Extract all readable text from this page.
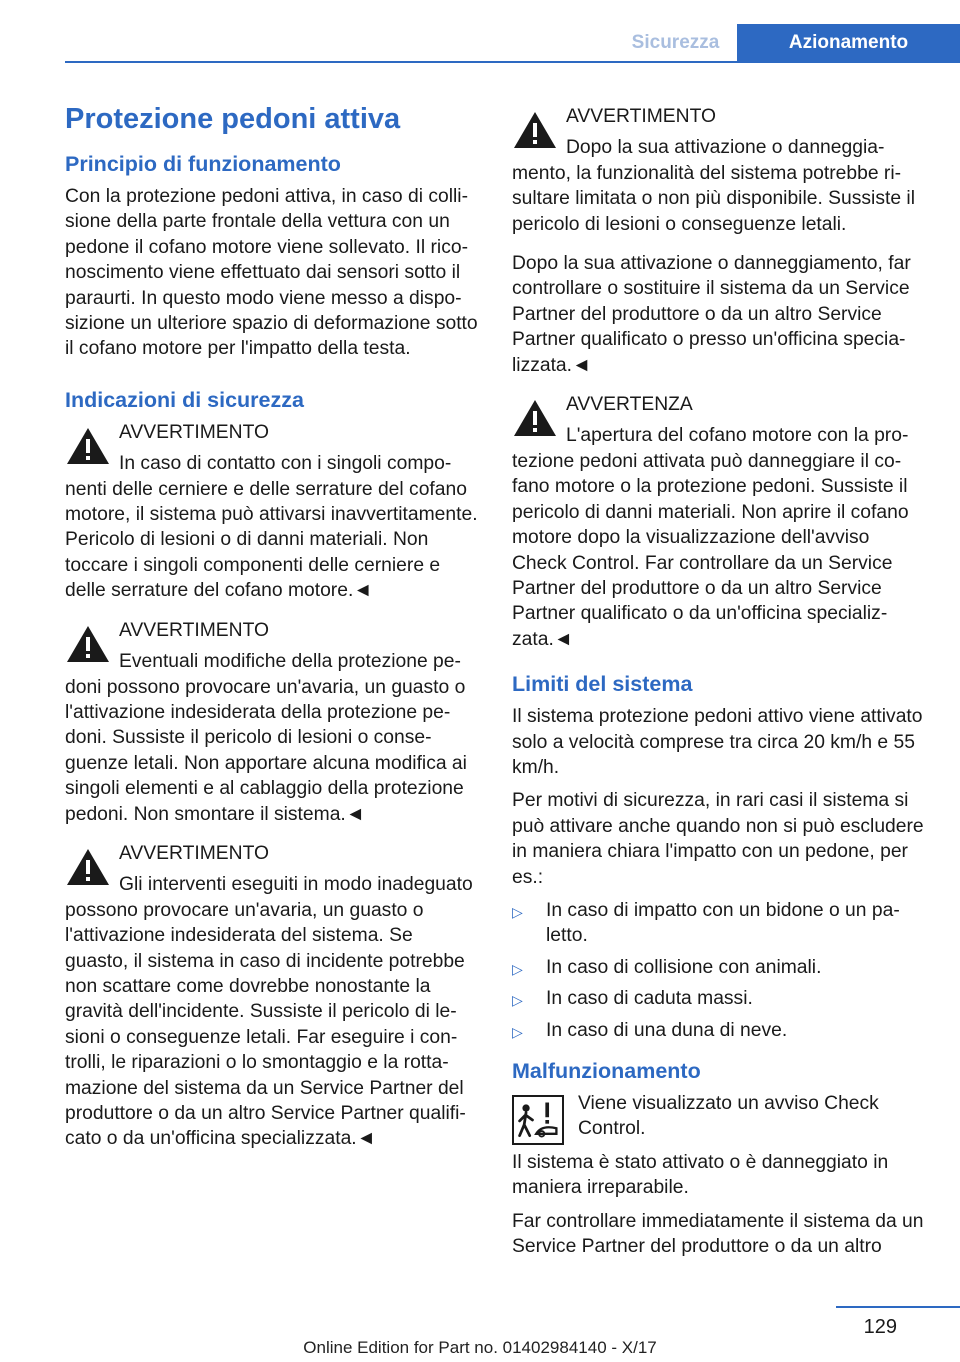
Sicurezza	Azionamento
Protezione pedoni attiva
Principio di funzionamento

Con la protezione pedoni attiva, in caso di collisione della parte frontale della vettura con un pedone il cofano motore viene sollevato. Il riconoscimento viene effettuato dai sensori sotto il paraurti. In questo modo viene messo a disposizione un ulteriore spazio di deformazione sotto il cofano motore per l'impatto della testa.

Indicazioni di sicurezza

AVVERTIMENTO

In caso di contatto con i singoli componenti delle cerniere e delle serrature del cofano motore, il sistema può attivarsi inavvertitamente. Pericolo di lesioni o di danni materiali. Non toccare i singoli componenti delle cerniere e delle serrature del cofano motore.◄

AVVERTIMENTO

Eventuali modifiche della protezione pedoni possono provocare un'avaria, un guasto o l'attivazione indesiderata della protezione pedoni. Sussiste il pericolo di lesioni o conseguenze letali. Non apportare alcuna modifica ai singoli elementi e al cablaggio della protezione pedoni. Non smontare il sistema.◄

AVVERTIMENTO

Gli interventi eseguiti in modo inadeguato possono provocare un'avaria, un guasto o l'attivazione indesiderata del sistema. Se guasto, il sistema in caso di incidente potrebbe non scattare come dovrebbe nonostante la gravità dell'incidente. Sussiste il pericolo di lesioni o conseguenze letali. Far eseguire i controlli, le riparazioni o lo smontaggio e la rottamazione del sistema da un Service Partner del produttore o da un altro Service Partner qualificato o da un'officina specializzata.◄

AVVERTIMENTO

Dopo la sua attivazione o danneggiamento, la funzionalità del sistema potrebbe risultare limitata o non più disponibile. Sussiste il pericolo di lesioni o conseguenze letali.

Dopo la sua attivazione o danneggiamento, far controllare o sostituire il sistema da un Service Partner del produttore o da un altro Service Partner qualificato o presso un'officina specializzata.◄

AVVERTENZA

L'apertura del cofano motore con la protezione pedoni attivata può danneggiare il cofano motore o la protezione pedoni. Sussiste il pericolo di danni materiali. Non aprire il cofano motore dopo la visualizzazione dell'avviso Check Control. Far controllare da un Service Partner del produttore o da un altro Service Partner qualificato o da un'officina specializzata.◄

Limiti del sistema

Il sistema protezione pedoni attivo viene attivato solo a velocità comprese tra circa 20 km/h e 55 km/h.

Per motivi di sicurezza, in rari casi il sistema si può attivare anche quando non si può escludere in maniera chiara l'impatto con un pedone, per es.:

▷ In caso di impatto con un bidone o un paletto.
▷ In caso di collisione con animali.
▷ In caso di caduta massi.
▷ In caso di una duna di neve.
Malfunzionamento

Viene visualizzato un avviso Check Control.

Il sistema è stato attivato o è danneggiato in maniera irreparabile.

Far controllare immediatamente il sistema da un Service Partner del produttore o da un altro

129
Online Edition for Part no. 01402984140 - X/17
